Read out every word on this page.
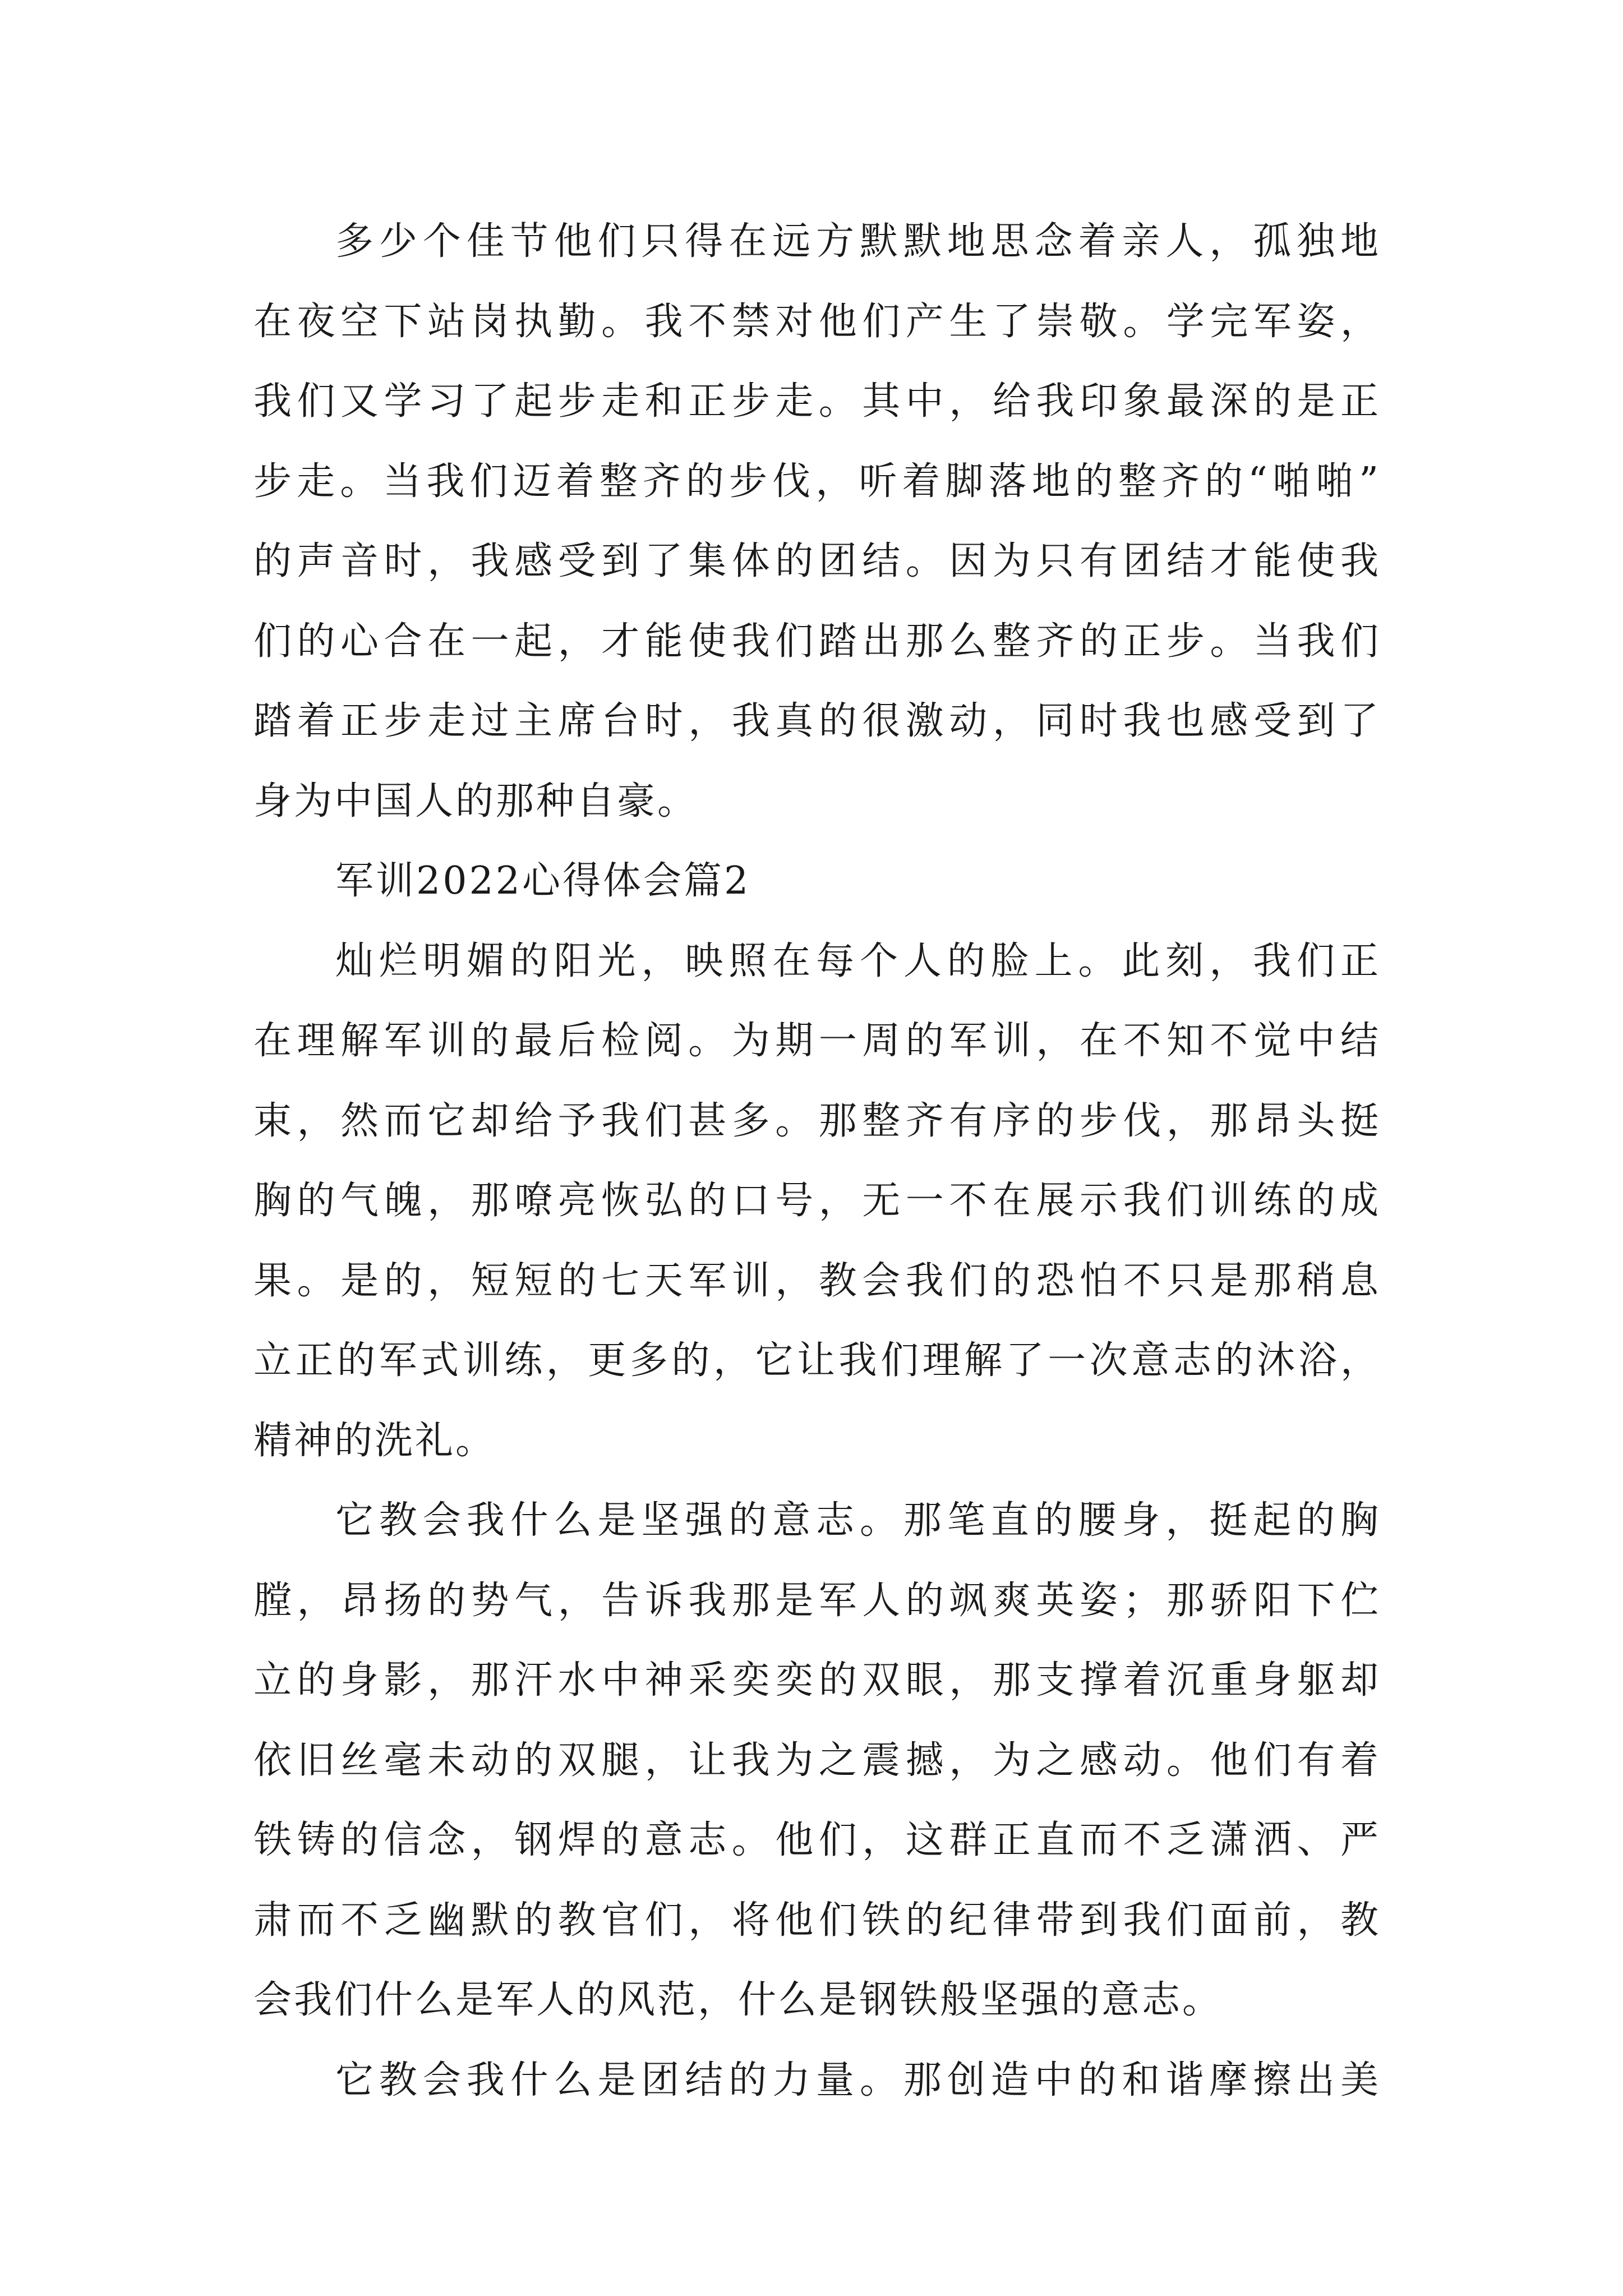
多少个佳节他们只得在远方默默地思念着亲人，孤独地
在夜空下站岗执勤。我不禁对他们产生了崇敬。学完军姿，
我们又学习了起步走和正步走。其中，给我印象最深的是正
步走。当我们迈着整齐的步伐，听着脚落地的整齐的“啪啪”
的声音时，我感受到了集体的团结。因为只有团结才能使我
们的心合在一起，才能使我们踏出那么整齐的正步。当我们
踏着正步走过主席台时，我真的很激动，同时我也感受到了
身为中国人的那种自豪。
军训2022心得体会篇2
灿烂明媚的阳光，映照在每个人的脸上。此刻，我们正
在理解军训的最后检阅。为期一周的军训，在不知不觉中结
束，然而它却给予我们甚多。那整齐有序的步伐，那昂头挺
胸的气魄，那嘹亮恢弘的口号，无一不在展示我们训练的成
果。是的，短短的七天军训，教会我们的恐怕不只是那稍息
立正的军式训练，更多的，它让我们理解了一次意志的沐浴，
精神的洗礼。
它教会我什么是坚强的意志。那笔直的腰身，挺起的胸
膛，昂扬的势气，告诉我那是军人的飒爽英姿；那骄阳下伫
立的身影，那汗水中神采奕奕的双眼，那支撑着沉重身躯却
依旧丝毫未动的双腿，让我为之震撼，为之感动。他们有着
铁铸的信念，钢焊的意志。他们，这群正直而不乏潇洒、严
肃而不乏幽默的教官们，将他们铁的纪律带到我们面前，教
会我们什么是军人的风范，什么是钢铁般坚强的意志。
它教会我什么是团结的力量。那创造中的和谐摩擦出美
